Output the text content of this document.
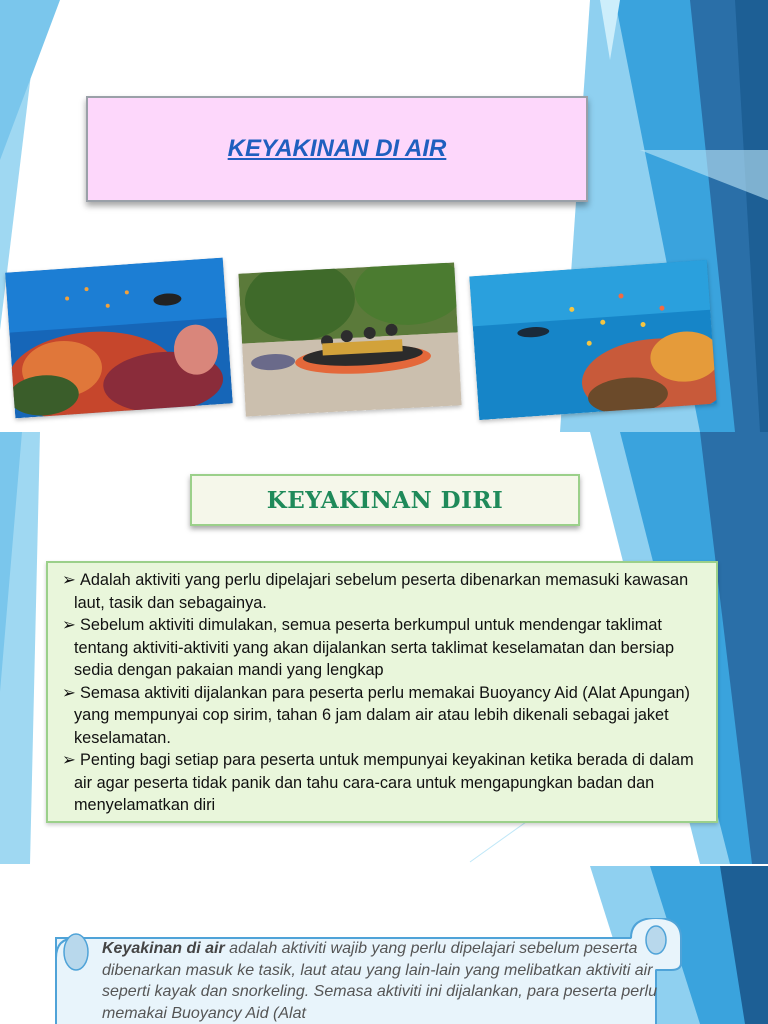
KEYAKINAN DI AIR
KEYAKINAN DIRI

➢ Adalah aktiviti yang perlu dipelajari sebelum peserta dibenarkan memasuki kawasan laut, tasik dan sebagainya.

➢ Sebelum aktiviti dimulakan, semua peserta berkumpul untuk mendengar taklimat tentang aktiviti-aktiviti yang akan dijalankan serta taklimat keselamatan dan bersiap sedia dengan pakaian mandi yang lengkap

➢ Semasa aktiviti dijalankan para peserta perlu memakai Buoyancy Aid (Alat Apungan) yang mempunyai cop sirim, tahan 6 jam dalam air atau lebih dikenali sebagai jaket keselamatan.

➢ Penting bagi setiap para peserta untuk mempunyai keyakinan ketika berada di dalam air agar peserta tidak panik dan tahu cara-cara untuk mengapungkan badan dan menyelamatkan diri

Keyakinan di air adalah aktiviti wajib yang perlu dipelajari sebelum peserta dibenarkan masuk ke tasik, laut atau yang lain-lain yang melibatkan aktiviti air seperti kayak dan snorkeling. Semasa aktiviti ini dijalankan, para peserta perlu memakai Buoyancy Aid (Alat
